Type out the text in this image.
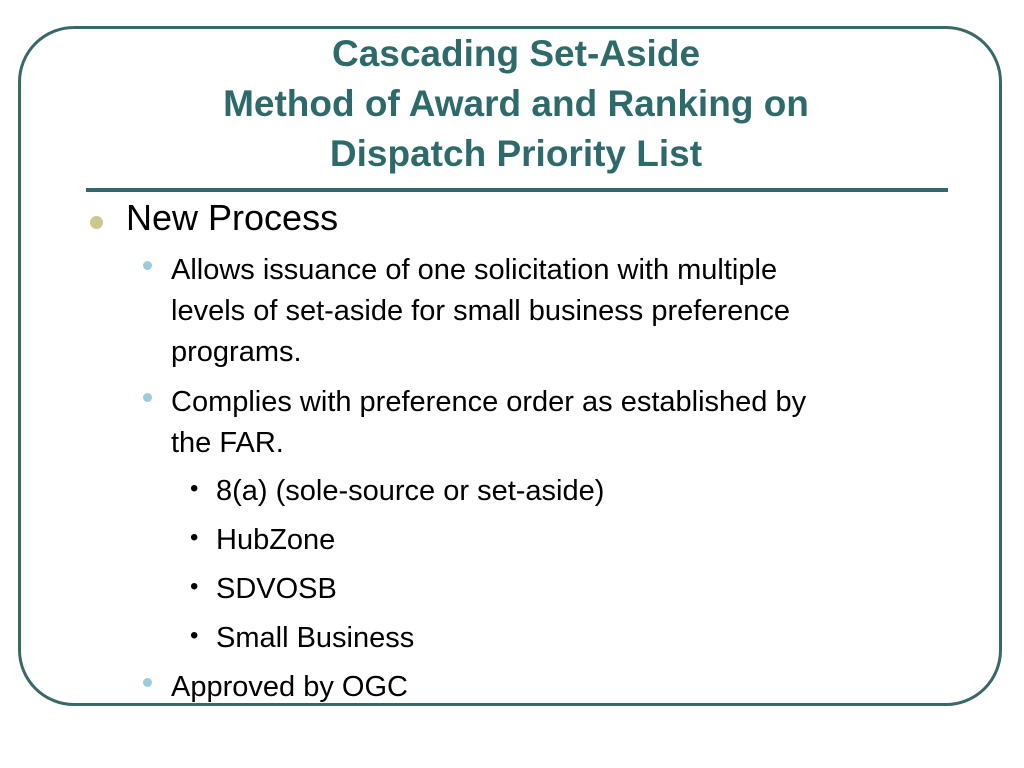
Cascading Set-Aside
Method of Award and Ranking on
Dispatch Priority List
New Process
Allows issuance of one solicitation with multiple
levels of set-aside for small business preference
programs.
Complies with preference order as established by
the FAR.
• 8(a) (sole-source or set-aside)
• HubZone
• SDVOSB
• Small Business
Approved by OGC
